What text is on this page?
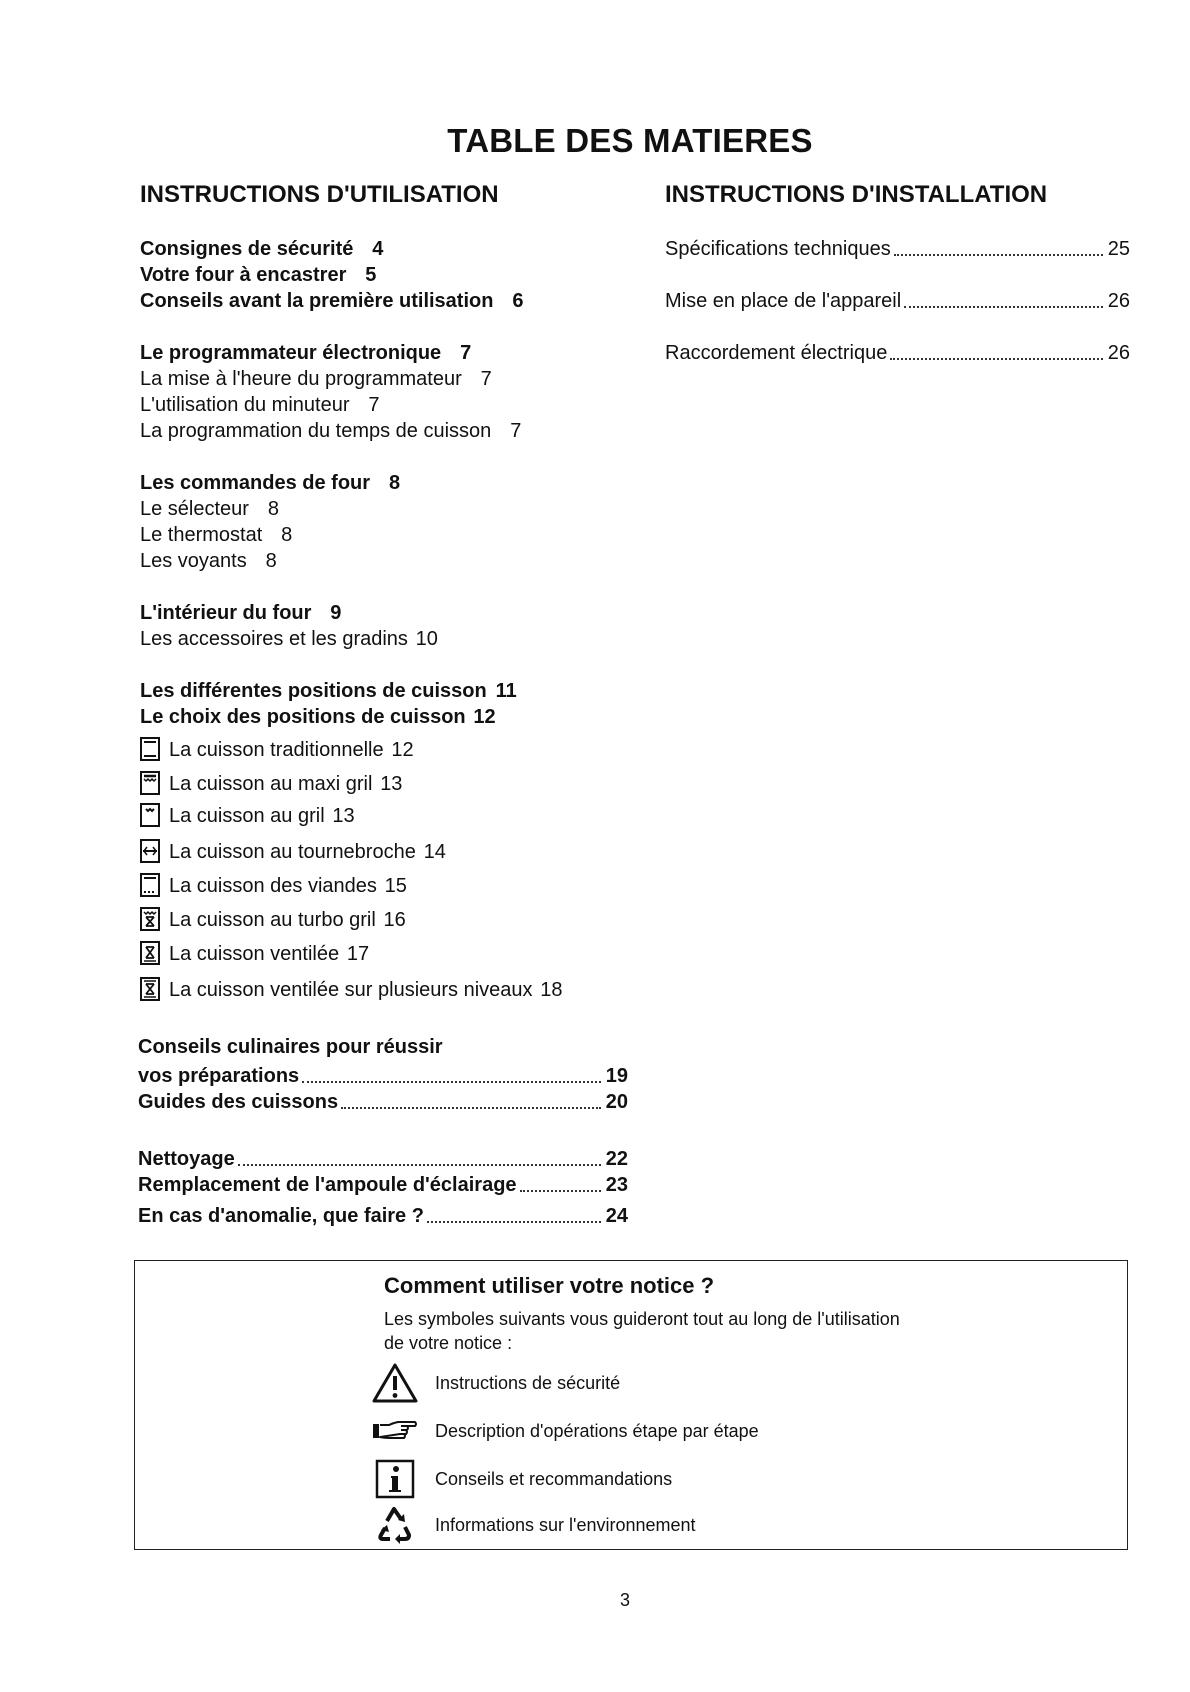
TABLE DES MATIERES
INSTRUCTIONS D'UTILISATION	INSTRUCTIONS D'INSTALLATION
Consignes de sécurité 4
Votre four à encastrer 5
Conseils avant la première utilisation 6
Le programmateur électronique 7
La mise à l'heure du programmateur 7
L'utilisation du minuteur 7
La programmation du temps de cuisson 7
Les commandes de four 8
Le sélecteur 8
Le thermostat 8
Les voyants 8
L'intérieur du four 9
Les accessoires et les gradins 10
Les différentes positions de cuisson 11
Le choix des positions de cuisson 12
La cuisson traditionnelle 12
La cuisson au maxi gril 13
La cuisson au gril 13
La cuisson au tournebroche 14
La cuisson des viandes 15
La cuisson au turbo gril 16
La cuisson ventilée 17
La cuisson ventilée sur plusieurs niveaux 18
Conseils culinaires pour réussir
vos préparations	19
Guides des cuissons	20
Nettoyage	22
Remplacement de l'ampoule d'éclairage	23
En cas d'anomalie, que faire ?	24
Spécifications techniques	25
Mise en place de l'appareil	26
Raccordement électrique	26
Comment utiliser votre notice ?
Les symboles suivants vous guideront tout au long de l'utilisation de votre notice :
Instructions de sécurité
Description d'opérations étape par étape
Conseils et recommandations
Informations sur l'environnement
3
